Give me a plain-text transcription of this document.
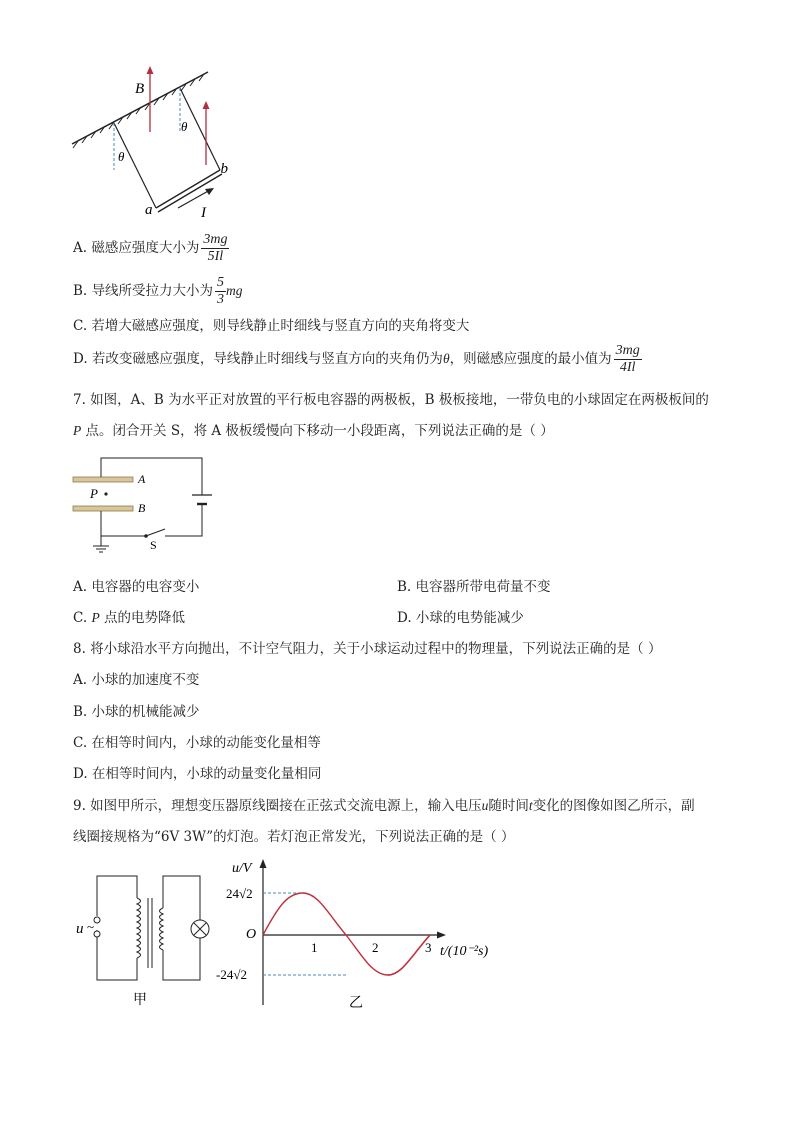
B
θ
θ
a
b
I
A. 磁感应强度大小为 $\frac{3mg}{5Il}$
B. 导线所受拉力大小为 $\frac{5}{3}$ mg
C. 若增大磁感应强度，则导线静止时细线与竖直方向的夹角将变大
D. 若改变磁感应强度，导线静止时细线与竖直方向的夹角仍为θ，则磁感应强度的最小值为 $\frac{3mg}{4Il}$
7. 如图，A、B 为水平正对放置的平行板电容器的两极板，B 极板接地，一带负电的小球固定在两极板间的
P 点。闭合开关 S，将 A 极板缓慢向下移动一小段距离，下列说法正确的是（ ）
A
B
P
S
A. 电容器的电容变小	B. 电容器所带电荷量不变
C. P 点的电势降低	D. 小球的电势能减少
8. 将小球沿水平方向抛出，不计空气阻力，关于小球运动过程中的物理量，下列说法正确的是（ ）
A. 小球的加速度不变
B. 小球的机械能减少
C. 在相等时间内，小球的动能变化量相等
D. 在相等时间内，小球的动量变化量相同
9. 如图甲所示，理想变压器原线圈接在正弦式交流电源上，输入电压u随时间t变化的图像如图乙所示，副
线圈接规格为“6V 3W”的灯泡。若灯泡正常发光，下列说法正确的是（ ）
u ~
甲
u/V
24√2
-24√2
O
1	2	3 t/(10⁻²s)
乙
